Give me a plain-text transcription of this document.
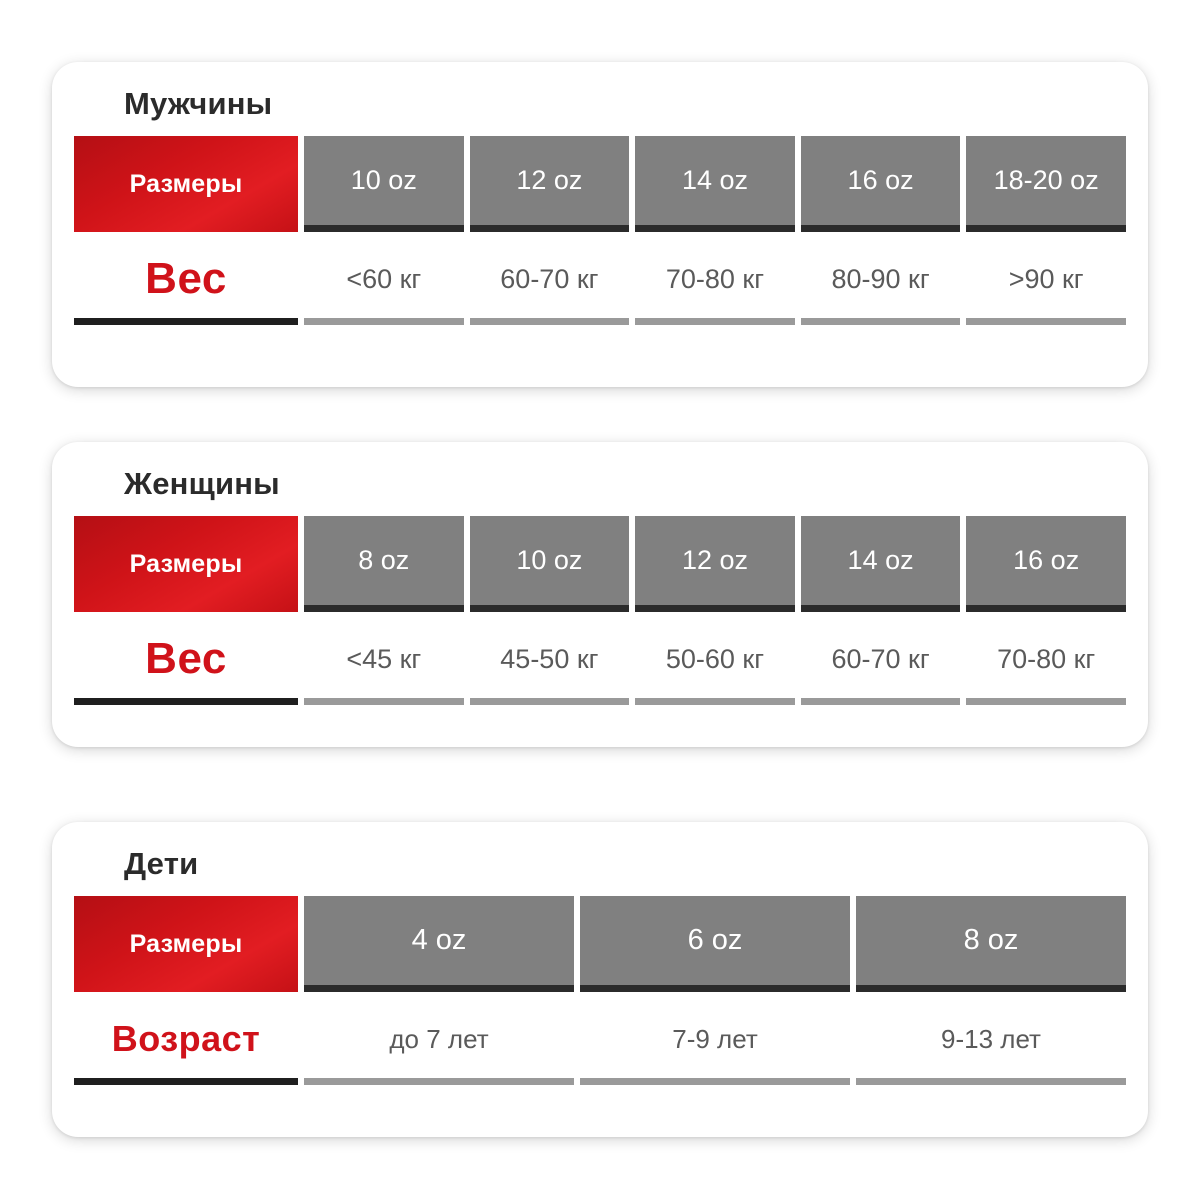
Мужчины
Размеры	10 oz	12 oz	14 oz	16 oz	18-20 oz
Вес	<60 кг	60-70 кг	70-80 кг	80-90 кг	>90 кг
Женщины
Размеры	8 oz	10 oz	12 oz	14 oz	16 oz
Вес	<45 кг	45-50 кг	50-60 кг	60-70 кг	70-80 кг
Дети
Размеры	4 oz	6 oz	8 oz
Возраст	до 7 лет	7-9 лет	9-13 лет
